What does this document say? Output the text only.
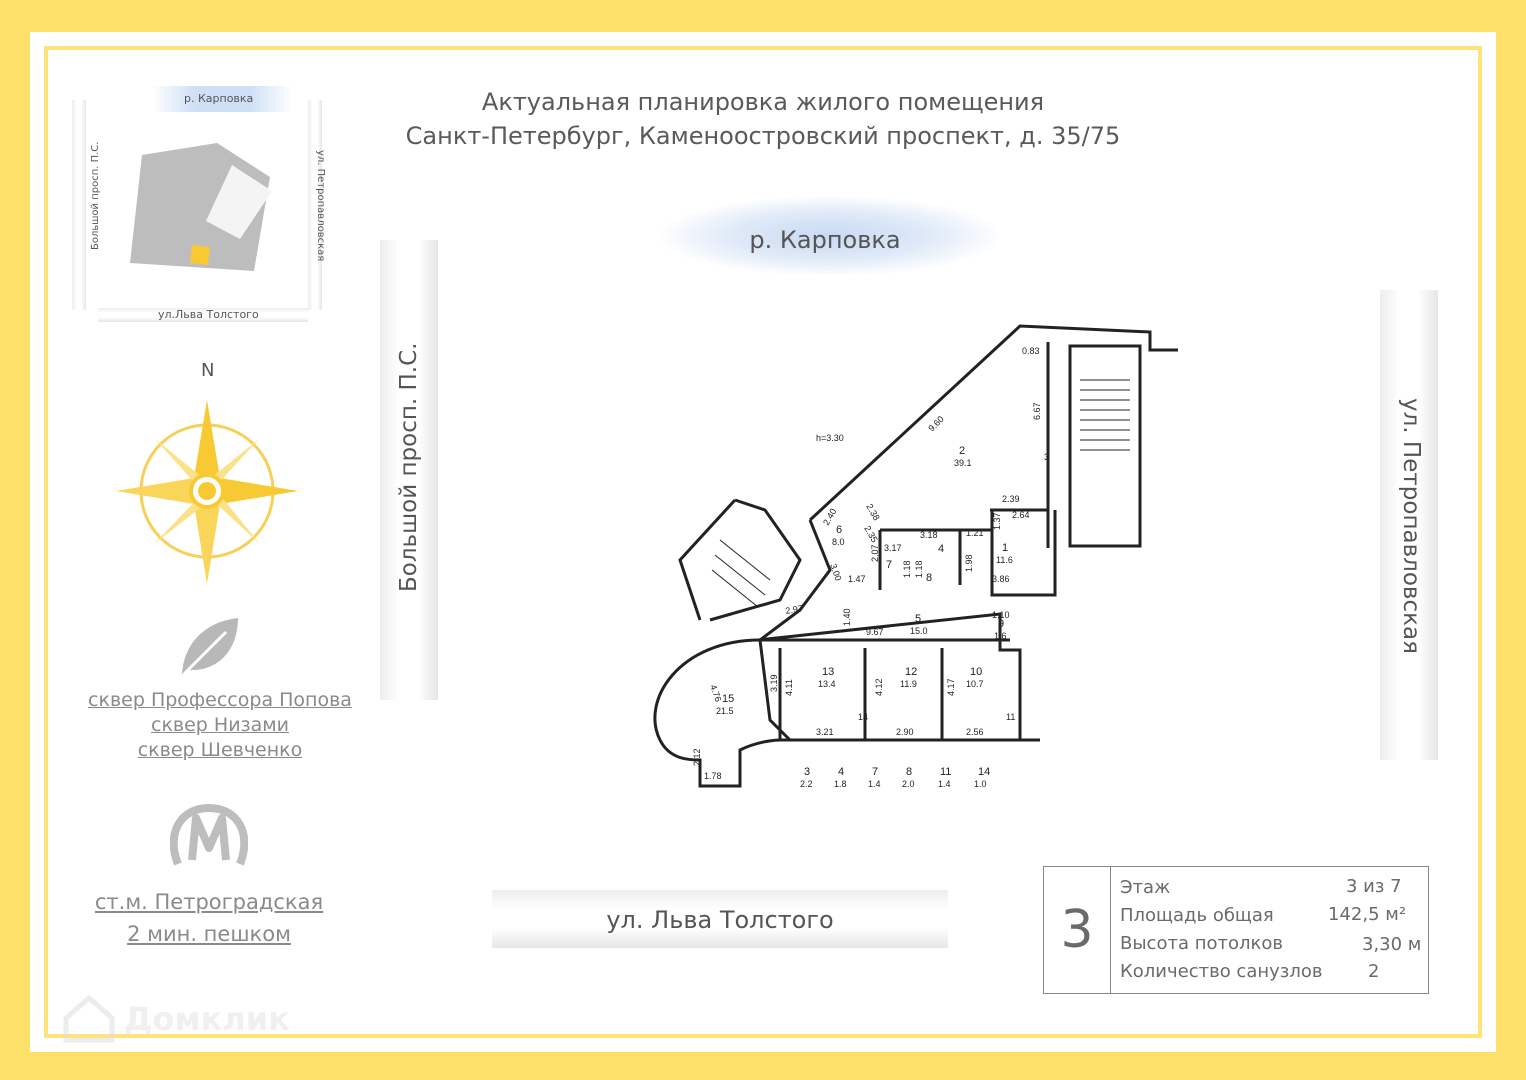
Актуальная планировка жилого помещения
Санкт-Петербург, Каменоостровский проспект, д. 35/75
р. Карповка
Большой просп. П.С.	ул. Петропавловская
ул.Льва Толстого
N
сквер Профессора Попова
сквер Низами
сквер Шевченко
ст.м. Петроградская
2 мин. пешком
Домклик
р. Карповка
Большой просп. П.С.	ул. Петропавловская
ул. Льва Толстого
h=3.30
2
39.1
6
8.0	1
11.6
5
15.0
9
1.6
13
13.4
12
11.9
10
10.7
15
21.5
0.83
6.67
9.60
3
2.39
2.64
2.40
2.35
2.38
3.18	1.21
1.37
3.17	4
2.07
7 1.18 1.18 8
1.98
3.86
3.00 1.47
2.97	1.40
9.67
1.10
4.76
3.19 4.11	4.12	4.17
14	11
3.21	2.90	2.56
2.12
1.78	3
2.2
4
1.8
7
1.4
8
2.0
11
1.4
14
1.0
3
Этаж	3 из 7
Площадь общая	142,5 м²
Высота потолков	3,30 м
Количество санузлов	2
